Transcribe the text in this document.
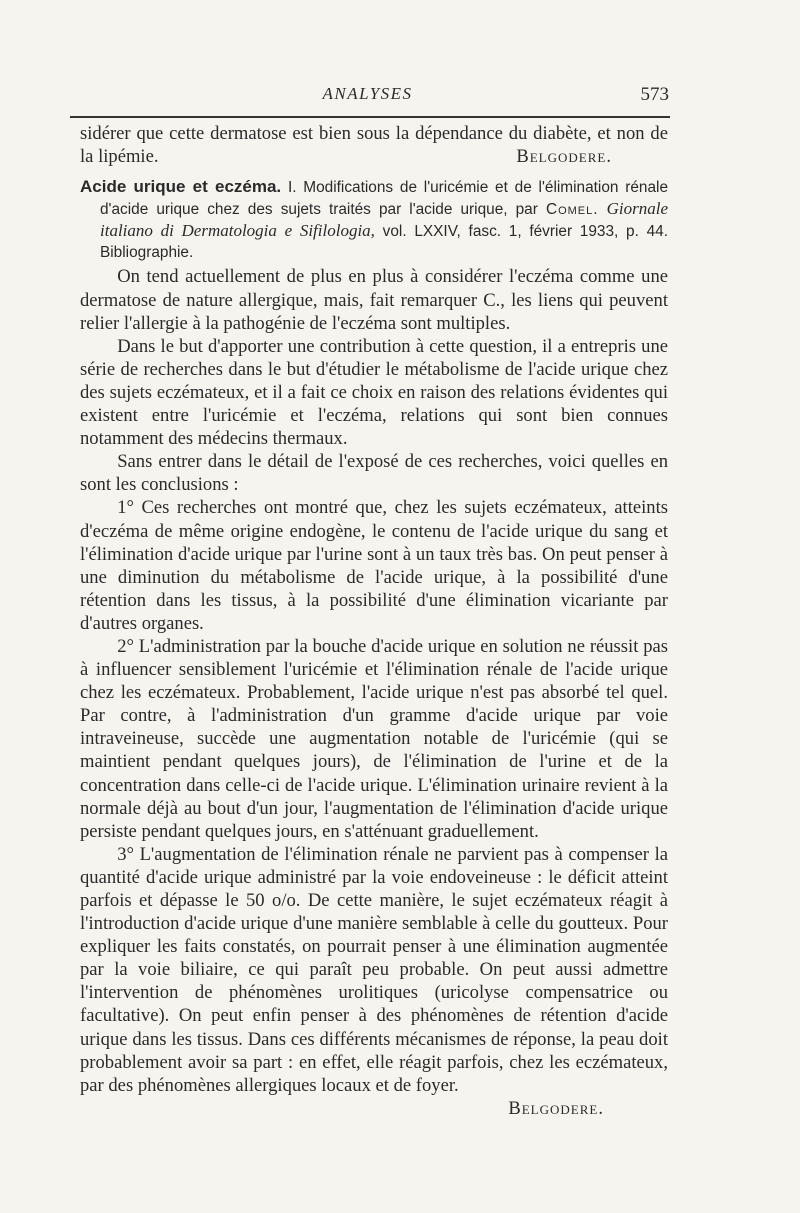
ANALYSES	573

sidérer que cette dermatose est bien sous la dépendance du diabète, et non de la lipémie.	Belgodere.

Acide urique et eczéma. I. Modifications de l'uricémie et de l'élimination rénale d'acide urique chez des sujets traités par l'acide urique, par Comel. Giornale italiano di Dermatologia e Sifilologia, vol. LXXIV, fasc. 1, février 1933, p. 44. Bibliographie.

On tend actuellement de plus en plus à considérer l'eczéma comme une dermatose de nature allergique, mais, fait remarquer C., les liens qui peuvent relier l'allergie à la pathogénie de l'eczéma sont multiples.

Dans le but d'apporter une contribution à cette question, il a entrepris une série de recherches dans le but d'étudier le métabolisme de l'acide urique chez des sujets eczémateux, et il a fait ce choix en raison des relations évidentes qui existent entre l'uricémie et l'eczéma, relations qui sont bien connues notamment des médecins thermaux.

Sans entrer dans le détail de l'exposé de ces recherches, voici quelles en sont les conclusions :

1° Ces recherches ont montré que, chez les sujets eczémateux, atteints d'eczéma de même origine endogène, le contenu de l'acide urique du sang et l'élimination d'acide urique par l'urine sont à un taux très bas. On peut penser à une diminution du métabolisme de l'acide urique, à la possibilité d'une rétention dans les tissus, à la possibilité d'une élimination vicariante par d'autres organes.

2° L'administration par la bouche d'acide urique en solution ne réussit pas à influencer sensiblement l'uricémie et l'élimination rénale de l'acide urique chez les eczémateux. Probablement, l'acide urique n'est pas absorbé tel quel. Par contre, à l'administration d'un gramme d'acide urique par voie intraveineuse, succède une augmentation notable de l'uricémie (qui se maintient pendant quelques jours), de l'élimination de l'urine et de la concentration dans celle-ci de l'acide urique. L'élimination urinaire revient à la normale déjà au bout d'un jour, l'augmentation de l'élimination d'acide urique persiste pendant quelques jours, en s'atténuant graduellement.

3° L'augmentation de l'élimination rénale ne parvient pas à compenser la quantité d'acide urique administré par la voie endoveineuse : le déficit atteint parfois et dépasse le 50 o/o. De cette manière, le sujet eczémateux réagit à l'introduction d'acide urique d'une manière semblable à celle du goutteux. Pour expliquer les faits constatés, on pourrait penser à une élimination augmentée par la voie biliaire, ce qui paraît peu probable. On peut aussi admettre l'intervention de phénomènes urolitiques (uricolyse compensatrice ou facultative). On peut enfin penser à des phénomènes de rétention d'acide urique dans les tissus. Dans ces différents mécanismes de réponse, la peau doit probablement avoir sa part : en effet, elle réagit parfois, chez les eczémateux, par des phénomènes allergiques locaux et de foyer.

Belgodere.
